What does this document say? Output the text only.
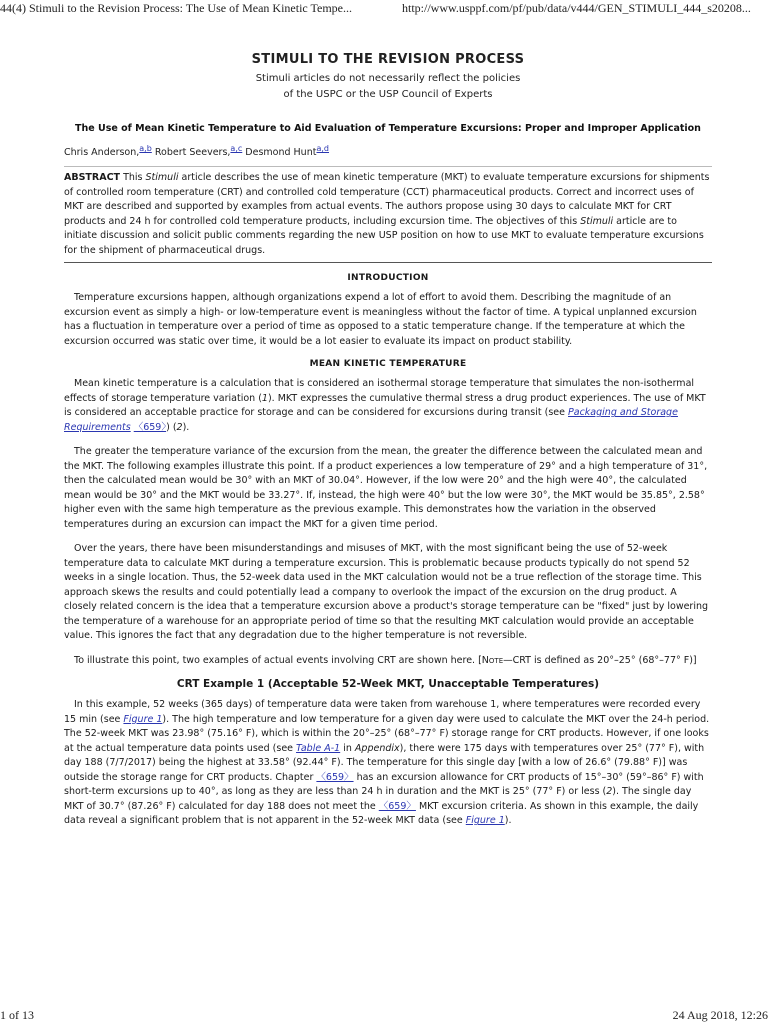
44(4) Stimuli to the Revision Process: The Use of Mean Kinetic Tempe...	http://www.usppf.com/pf/pub/data/v444/GEN_STIMULI_444_s20208...
STIMULI TO THE REVISION PROCESS
Stimuli articles do not necessarily reflect the policies
of the USPC or the USP Council of Experts
The Use of Mean Kinetic Temperature to Aid Evaluation of Temperature Excursions: Proper and Improper Application
Chris Anderson,$^{a,b}$ Robert Seevers,$^{a,c}$ Desmond Hunt$^{a,d}$
ABSTRACT This Stimuli article describes the use of mean kinetic temperature (MKT) to evaluate temperature excursions for shipments of controlled room temperature (CRT) and controlled cold temperature (CCT) pharmaceutical products. Correct and incorrect uses of MKT are described and supported by examples from actual events. The authors propose using 30 days to calculate MKT for CRT products and 24 h for controlled cold temperature products, including excursion time. The objectives of this Stimuli article are to initiate discussion and solicit public comments regarding the new USP position on how to use MKT to evaluate temperature excursions for the shipment of pharmaceutical drugs.
INTRODUCTION

Temperature excursions happen, although organizations expend a lot of effort to avoid them. Describing the magnitude of an excursion event as simply a high- or low-temperature event is meaningless without the factor of time. A typical unplanned excursion has a fluctuation in temperature over a period of time as opposed to a static temperature change. If the temperature at which the excursion occurred was static over time, it would be a lot easier to evaluate its impact on product stability.

MEAN KINETIC TEMPERATURE

Mean kinetic temperature is a calculation that is considered an isothermal storage temperature that simulates the non-isothermal effects of storage temperature variation (1). MKT expresses the cumulative thermal stress a drug product experiences. The use of MKT is considered an acceptable practice for storage and can be considered for excursions during transit (see Packaging and Storage Requirements 〈659〉) (2).

The greater the temperature variance of the excursion from the mean, the greater the difference between the calculated mean and the MKT. The following examples illustrate this point. If a product experiences a low temperature of 29° and a high temperature of 31°, then the calculated mean would be 30° with an MKT of 30.04°. However, if the low were 20° and the high were 40°, the calculated mean would be 30° and the MKT would be 33.27°. If, instead, the high were 40° but the low were 30°, the MKT would be 35.85°, 2.58° higher even with the same high temperature as the previous example. This demonstrates how the variation in the observed temperatures during an excursion can impact the MKT for a given time period.

Over the years, there have been misunderstandings and misuses of MKT, with the most significant being the use of 52-week temperature data to calculate MKT during a temperature excursion. This is problematic because products typically do not spend 52 weeks in a single location. Thus, the 52-week data used in the MKT calculation would not be a true reflection of the storage time. This approach skews the results and could potentially lead a company to overlook the impact of the excursion on the drug product. A closely related concern is the idea that a temperature excursion above a product's storage temperature can be "fixed" just by lowering the temperature of a warehouse for an appropriate period of time so that the resulting MKT calculation would provide an acceptable value. This ignores the fact that any degradation due to the higher temperature is not reversible.

To illustrate this point, two examples of actual events involving CRT are shown here. [Note—CRT is defined as 20°–25° (68°–77° F)]

CRT Example 1 (Acceptable 52-Week MKT, Unacceptable Temperatures)

In this example, 52 weeks (365 days) of temperature data were taken from warehouse 1, where temperatures were recorded every 15 min (see Figure 1). The high temperature and low temperature for a given day were used to calculate the MKT over the 24-h period. The 52-week MKT was 23.98° (75.16° F), which is within the 20°–25° (68°–77° F) storage range for CRT products. However, if one looks at the actual temperature data points used (see Table A-1 in Appendix), there were 175 days with temperatures over 25° (77° F), with day 188 (7/7/2017) being the highest at 33.58° (92.44° F). The temperature for this single day [with a low of 26.6° (79.88° F)] was outside the storage range for CRT products. Chapter 〈659〉 has an excursion allowance for CRT products of 15°–30° (59°–86° F) with short-term excursions up to 40°, as long as they are less than 24 h in duration and the MKT is 25° (77° F) or less (2). The single day MKT of 30.7° (87.26° F) calculated for day 188 does not meet the 〈659〉 MKT excursion criteria. As shown in this example, the daily data reveal a significant problem that is not apparent in the 52-week MKT data (see Figure 1).

1 of 13	24 Aug 2018, 12:26
